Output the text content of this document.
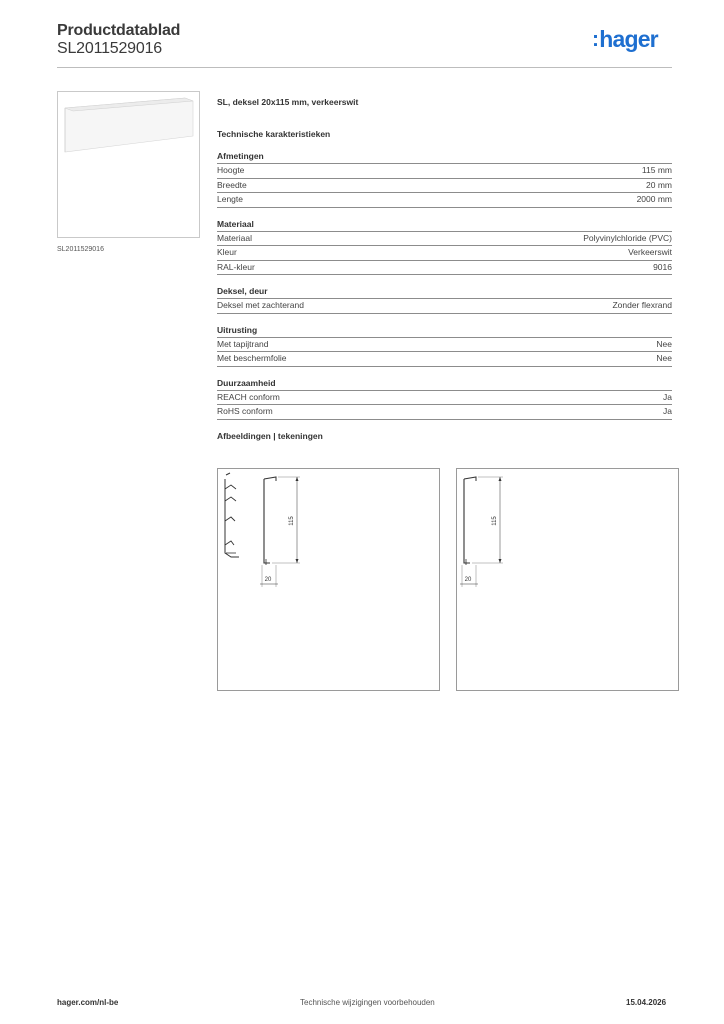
Productdatablad
SL2011529016	:hager
SL2011529016
SL, deksel 20x115 mm, verkeerswit
Technische karakteristieken
Afmetingen
Hoogte	115 mm
Breedte	20 mm
Lengte	2000 mm
Materiaal
Materiaal	Polyvinylchloride (PVC)
Kleur	Verkeerswit
RAL-kleur	9016
Deksel, deur
Deksel met zachterand	Zonder flexrand
Uitrusting
Met tapijtrand	Nee
Met beschermfolie	Nee
Duurzaamheid
REACH conform	Ja
RoHS conform	Ja
Afbeeldingen | tekeningen
115
20
115
20
hager.com/nl-be	Technische wijzigingen voorbehouden	15.04.2026
